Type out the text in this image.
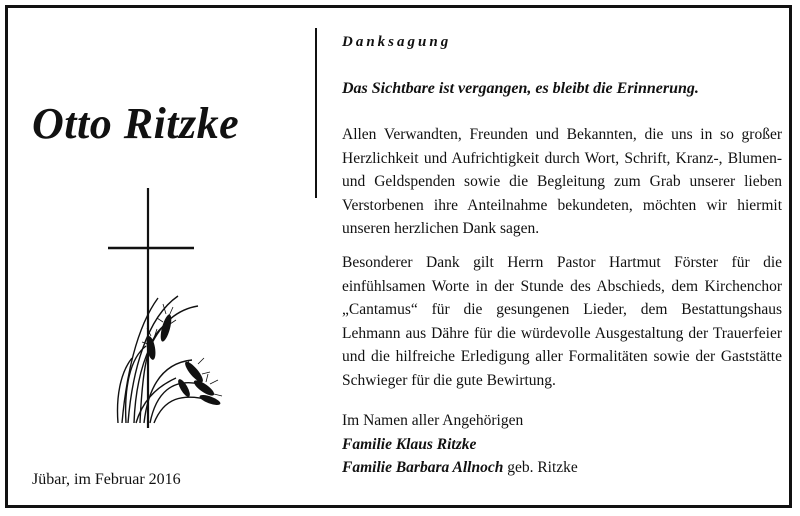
Otto Ritzke
Jübar, im Februar 2016

Danksagung

Das Sichtbare ist vergangen, es bleibt die Erinnerung.

Allen Verwandten, Freunden und Bekannten, die uns in so großer Herzlichkeit und Aufrichtigkeit durch Wort, Schrift, Kranz-, Blumen- und Geldspenden sowie die Begleitung zum Grab unserer lieben Verstorbenen ihre Anteilnahme bekundeten, möchten wir hiermit unseren herzlichen Dank sagen.

Besonderer Dank gilt Herrn Pastor Hartmut Förster für die einfühlsamen Worte in der Stunde des Abschieds, dem Kirchenchor „Cantamus“ für die gesungenen Lieder, dem Bestattungshaus Lehmann aus Dähre für die würdevolle Ausgestaltung der Trauerfeier und die hilfreiche Erledigung aller Formalitäten sowie der Gaststätte Schwieger für die gute Bewirtung.

Im Namen aller Angehörigen
Familie Klaus Ritzke
Familie Barbara Allnoch geb. Ritzke
